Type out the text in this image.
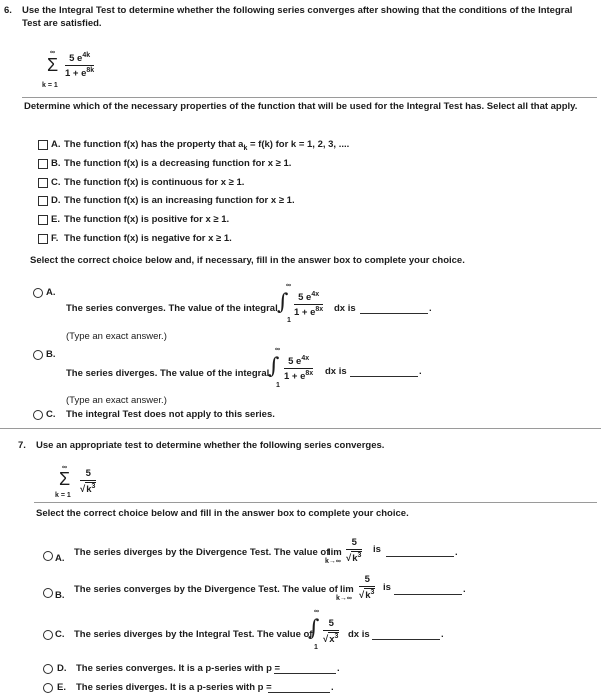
6. Use the Integral Test to determine whether the following series converges after showing that the conditions of the Integral
Test are satisfied.
∞
Σ
k = 1
5 $e^{4k}$
$1 + e^{8k}$
Determine which of the necessary properties of the function that will be used for the Integral Test has. Select all that apply.
A. The function f(x) has the property that $a_k = f(k)$ for k = 1, 2, 3, ....
B. The function f(x) is a decreasing function for x ≥ 1.
C. The function f(x) is continuous for x ≥ 1.
D. The function f(x) is an increasing function for x ≥ 1.
E. The function f(x) is positive for x ≥ 1.
F. The function f(x) is negative for x ≥ 1.
Select the correct choice below and, if necessary, fill in the answer box to complete your choice.
A.
The series converges. The value of the integral
∞
∫
1
5 $e^{4x}$
$1 + e^{8x}$ dx is	.
(Type an exact answer.)
B.
The series diverges. The value of the integral
∞
∫
1
5 $e^{4x}$
$1 + e^{8x}$ dx is	.
(Type an exact answer.)
C. The integral Test does not apply to this series.
7. Use an appropriate test to determine whether the following series converges.
∞
Σ
k = 1
5
$√k^3$
Select the correct choice below and fill in the answer box to complete your choice.
A.
The series diverges by the Divergence Test. The value of
lim
k→∞
5
$√k^3$
is	.
B.
The series converges by the Divergence Test. The value of lim
k→∞
5
$√k^3$ is	.
C. The series diverges by the Integral Test. The value of
∞
∫
1
5
$√x^3$ dx is	.
D. The series converges. It is a p-series with p =	.
E. The series diverges. It is a p-series with p =	.
